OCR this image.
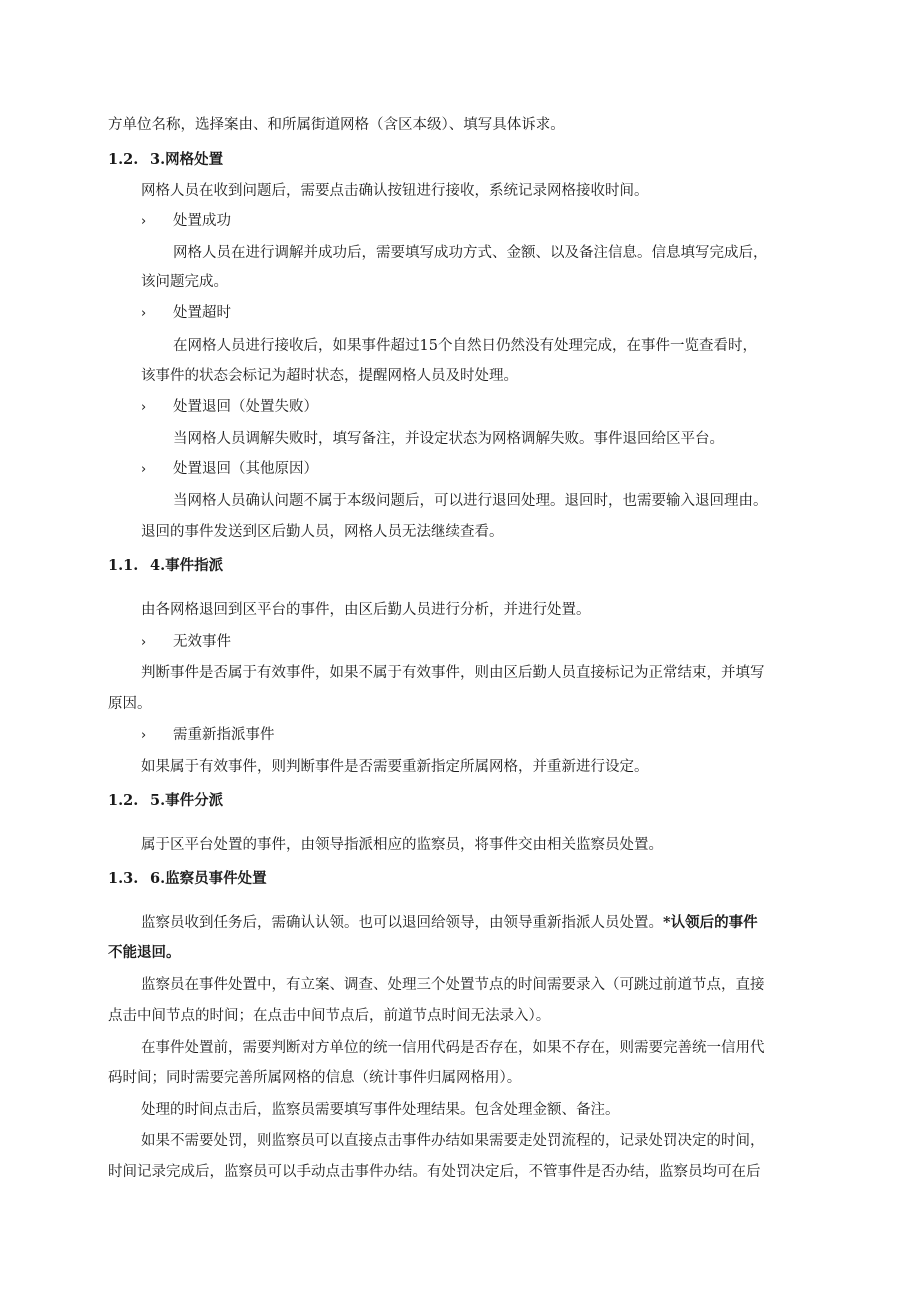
方单位名称，选择案由、和所属街道网格（含区本级）、填写具体诉求。
1.2. 3.网格处置
网格人员在收到问题后，需要点击确认按钮进行接收，系统记录网格接收时间。
› 处置成功
网格人员在进行调解并成功后，需要填写成功方式、金额、以及备注信息。信息填写完成后，
该问题完成。
› 处置超时
在网格人员进行接收后，如果事件超过15个自然日仍然没有处理完成，在事件一览查看时，
该事件的状态会标记为超时状态，提醒网格人员及时处理。
› 处置退回（处置失败）
当网格人员调解失败时，填写备注，并设定状态为网格调解失败。事件退回给区平台。
› 处置退回（其他原因）
当网格人员确认问题不属于本级问题后，可以进行退回处理。退回时，也需要输入退回理由。
退回的事件发送到区后勤人员，网格人员无法继续查看。
1.1. 4.事件指派
由各网格退回到区平台的事件，由区后勤人员进行分析，并进行处置。
› 无效事件
判断事件是否属于有效事件，如果不属于有效事件，则由区后勤人员直接标记为正常结束，并填写
原因。
› 需重新指派事件
如果属于有效事件，则判断事件是否需要重新指定所属网格，并重新进行设定。
1.2. 5.事件分派
属于区平台处置的事件，由领导指派相应的监察员，将事件交由相关监察员处置。
1.3. 6.监察员事件处置
监察员收到任务后，需确认认领。也可以退回给领导，由领导重新指派人员处置。*认领后的事件
不能退回。
监察员在事件处置中，有立案、调查、处理三个处置节点的时间需要录入（可跳过前道节点，直接
点击中间节点的时间；在点击中间节点后，前道节点时间无法录入）。
在事件处置前，需要判断对方单位的统一信用代码是否存在，如果不存在，则需要完善统一信用代
码时间；同时需要完善所属网格的信息（统计事件归属网格用）。
处理的时间点击后，监察员需要填写事件处理结果。包含处理金额、备注。
如果不需要处罚，则监察员可以直接点击事件办结如果需要走处罚流程的，记录处罚决定的时间，
时间记录完成后，监察员可以手动点击事件办结。有处罚决定后，不管事件是否办结，监察员均可在后
